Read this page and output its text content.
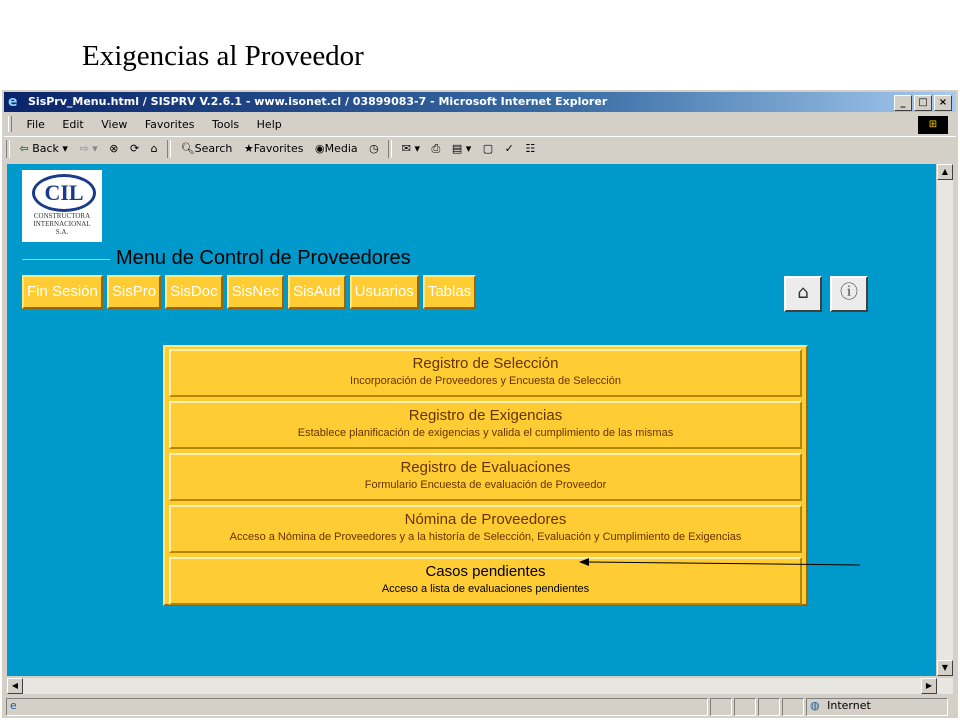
Exigencias al Proveedor
e SisPrv_Menu.html / SISPRV V.2.6.1 - www.isonet.cl / 03899083-7 - Microsoft Internet Explorer	_	□	×
File Edit View Favorites Tools Help	⊞
⇦ Back ▾ ⇨ ▾ ⊗ ⟳ ⌂ 🔍︎Search ★Favorites ◉Media ◷ ✉ ▾ ⎙ ▤ ▾ ▢ ✓ ☷
CIL
CONSTRUCTORA
INTERNACIONAL
S.A.
Menu de Control de Proveedores
Fin Sesión SisPro SisDoc SisNec SisAud Usuarios Tablas	⌂	ⓘ
Registro de Selección
Incorporación de Proveedores y Encuesta de Selección
Registro de Exigencias
Establece planificación de exigencias y valida el cumplimiento de las mismas
Registro de Evaluaciones
Formulario Encuesta de evaluación de Proveedor
Nómina de Proveedores
Acceso a Nómina de Proveedores y a la historía de Selección, Evaluación y Cumplimiento de Exigencias
Casos pendientes
Acceso a lista de evaluaciones pendientes
▲
▼
◀	▶
e	◍ Internet
